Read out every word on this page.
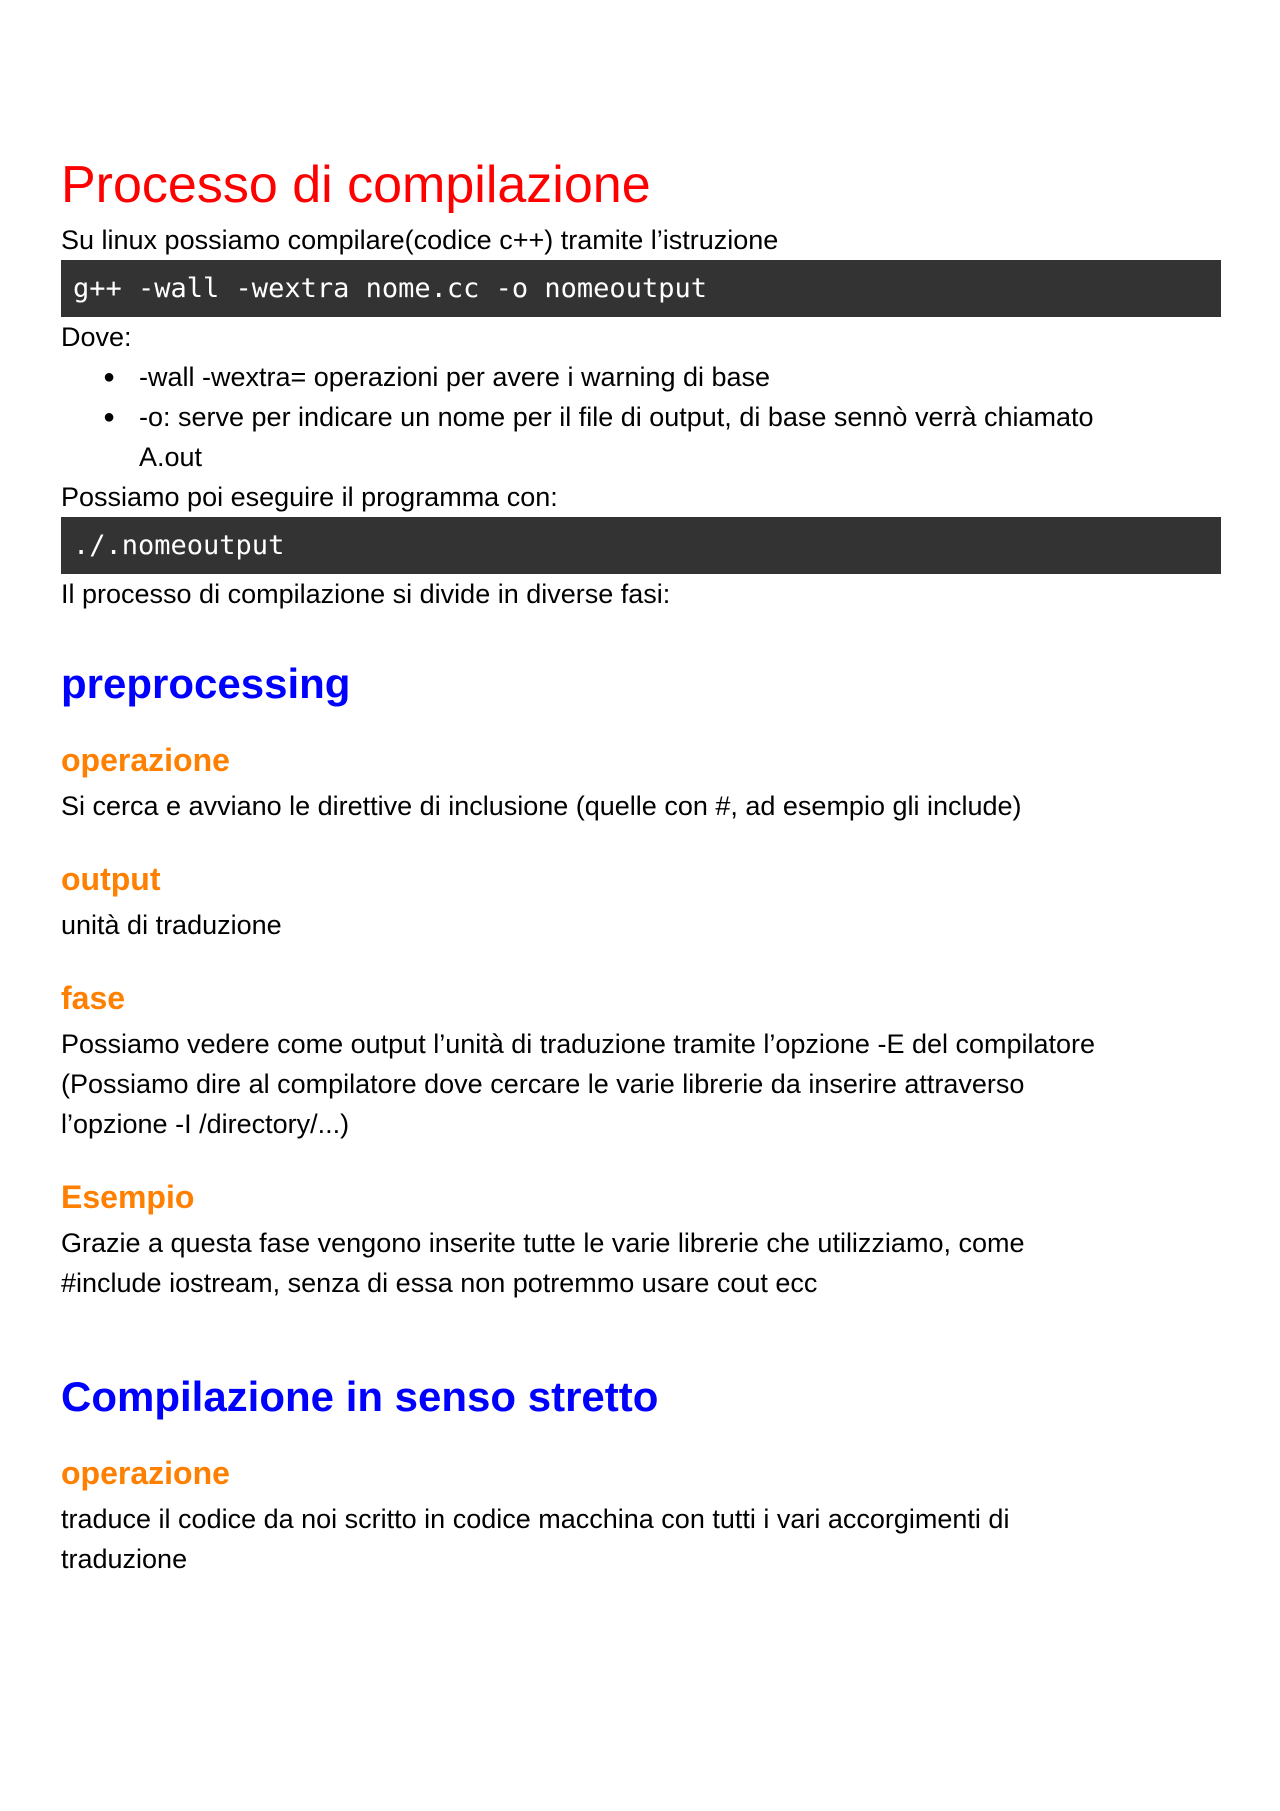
Processo di compilazione

Su linux possiamo compilare(codice c++) tramite l’istruzione

g++ -wall -wextra nome.cc -o nomeoutput

Dove:

● -wall -wextra= operazioni per avere i warning di base
● -o: serve per indicare un nome per il file di output, di base sennò verrà chiamato
A.out

Possiamo poi eseguire il programma con:

./.nomeoutput

Il processo di compilazione si divide in diverse fasi:

preprocessing
operazione

Si cerca e avviano le direttive di inclusione (quelle con #, ad esempio gli include)

output

unità di traduzione

fase

Possiamo vedere come output l’unità di traduzione tramite l’opzione -E del compilatore

(Possiamo dire al compilatore dove cercare le varie librerie da inserire attraverso

l’opzione -I /directory/...)

Esempio

Grazie a questa fase vengono inserite tutte le varie librerie che utilizziamo, come

#include iostream, senza di essa non potremmo usare cout ecc

Compilazione in senso stretto
operazione

traduce il codice da noi scritto in codice macchina con tutti i vari accorgimenti di

traduzione
